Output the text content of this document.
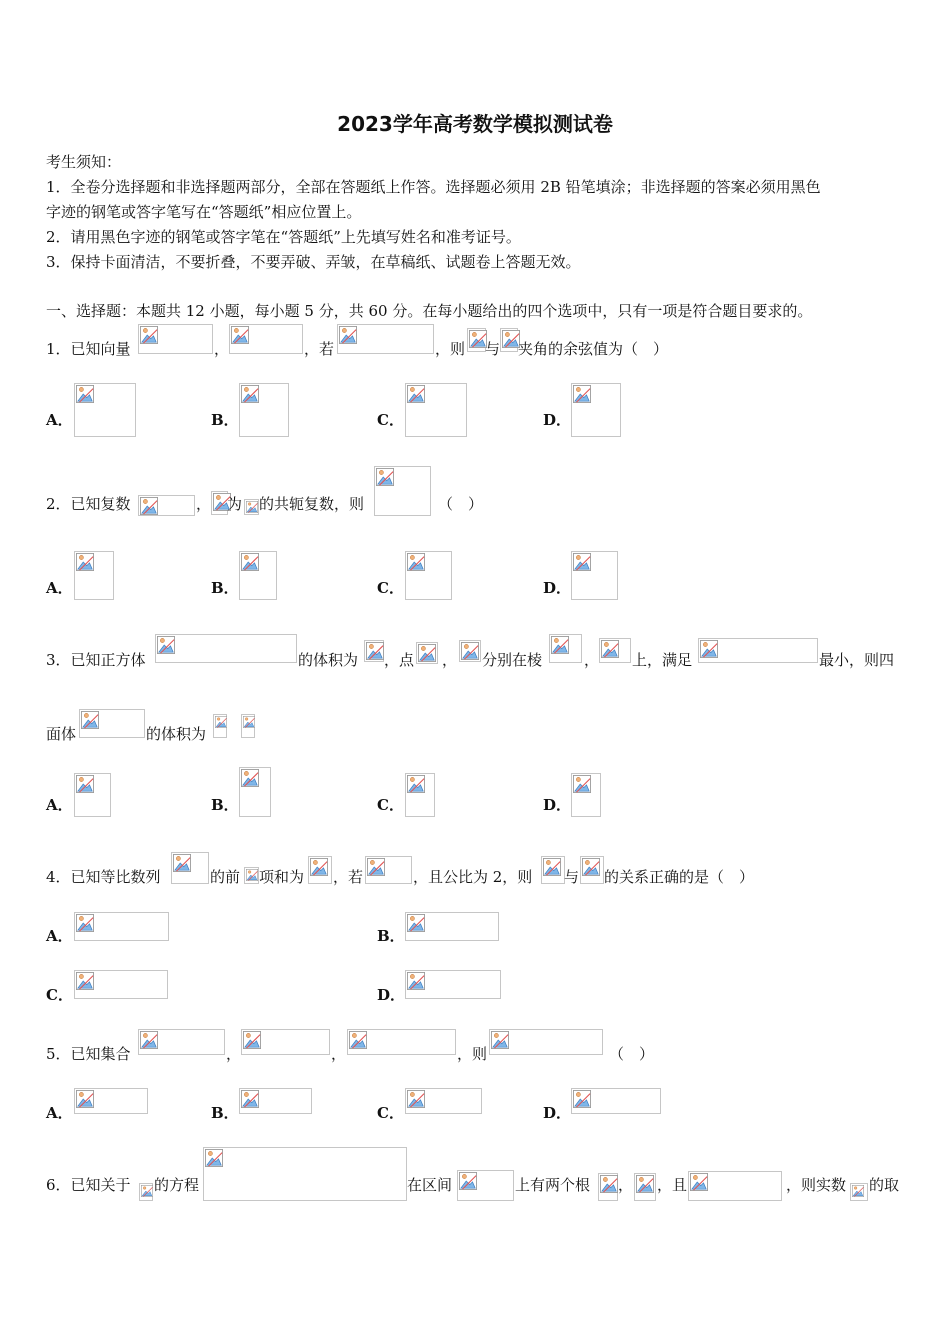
2023学年高考数学模拟测试卷
考生须知：
1．全卷分选择题和非选择题两部分，全部在答题纸上作答。选择题必须用 2B 铅笔填涂；非选择题的答案必须用黑色
字迹的钢笔或答字笔写在“答题纸”相应位置上。
2．请用黑色字迹的钢笔或答字笔在“答题纸”上先填写姓名和准考证号。
3．保持卡面清洁，不要折叠，不要弄破、弄皱，在草稿纸、试题卷上答题无效。
一、选择题：本题共 12 小题，每小题 5 分，共 60 分。在每小题给出的四个选项中，只有一项是符合题目要求的。
1．已知向量	，	，若	，则 与 夹角的余弦值为（　）
A．	B．	C．	D．
2．已知复数	， 为 的共轭复数，则	（　）
A．	B．	C．	D．
3．已知正方体	的体积为 ，点 ， 分别在棱	， 上，满足	最小，则四
面体	的体积为
A．	B．	C．	D．
4．已知等比数列	的前 项和为 ，若	，且公比为 2，则 与 的关系正确的是（　）
A．	B．
C．	D．
5．已知集合	，	，	，则	（　）
A．	B．	C．	D．
6．已知关于 的方程	在区间	上有两个根 ， ，且	，则实数 的取
